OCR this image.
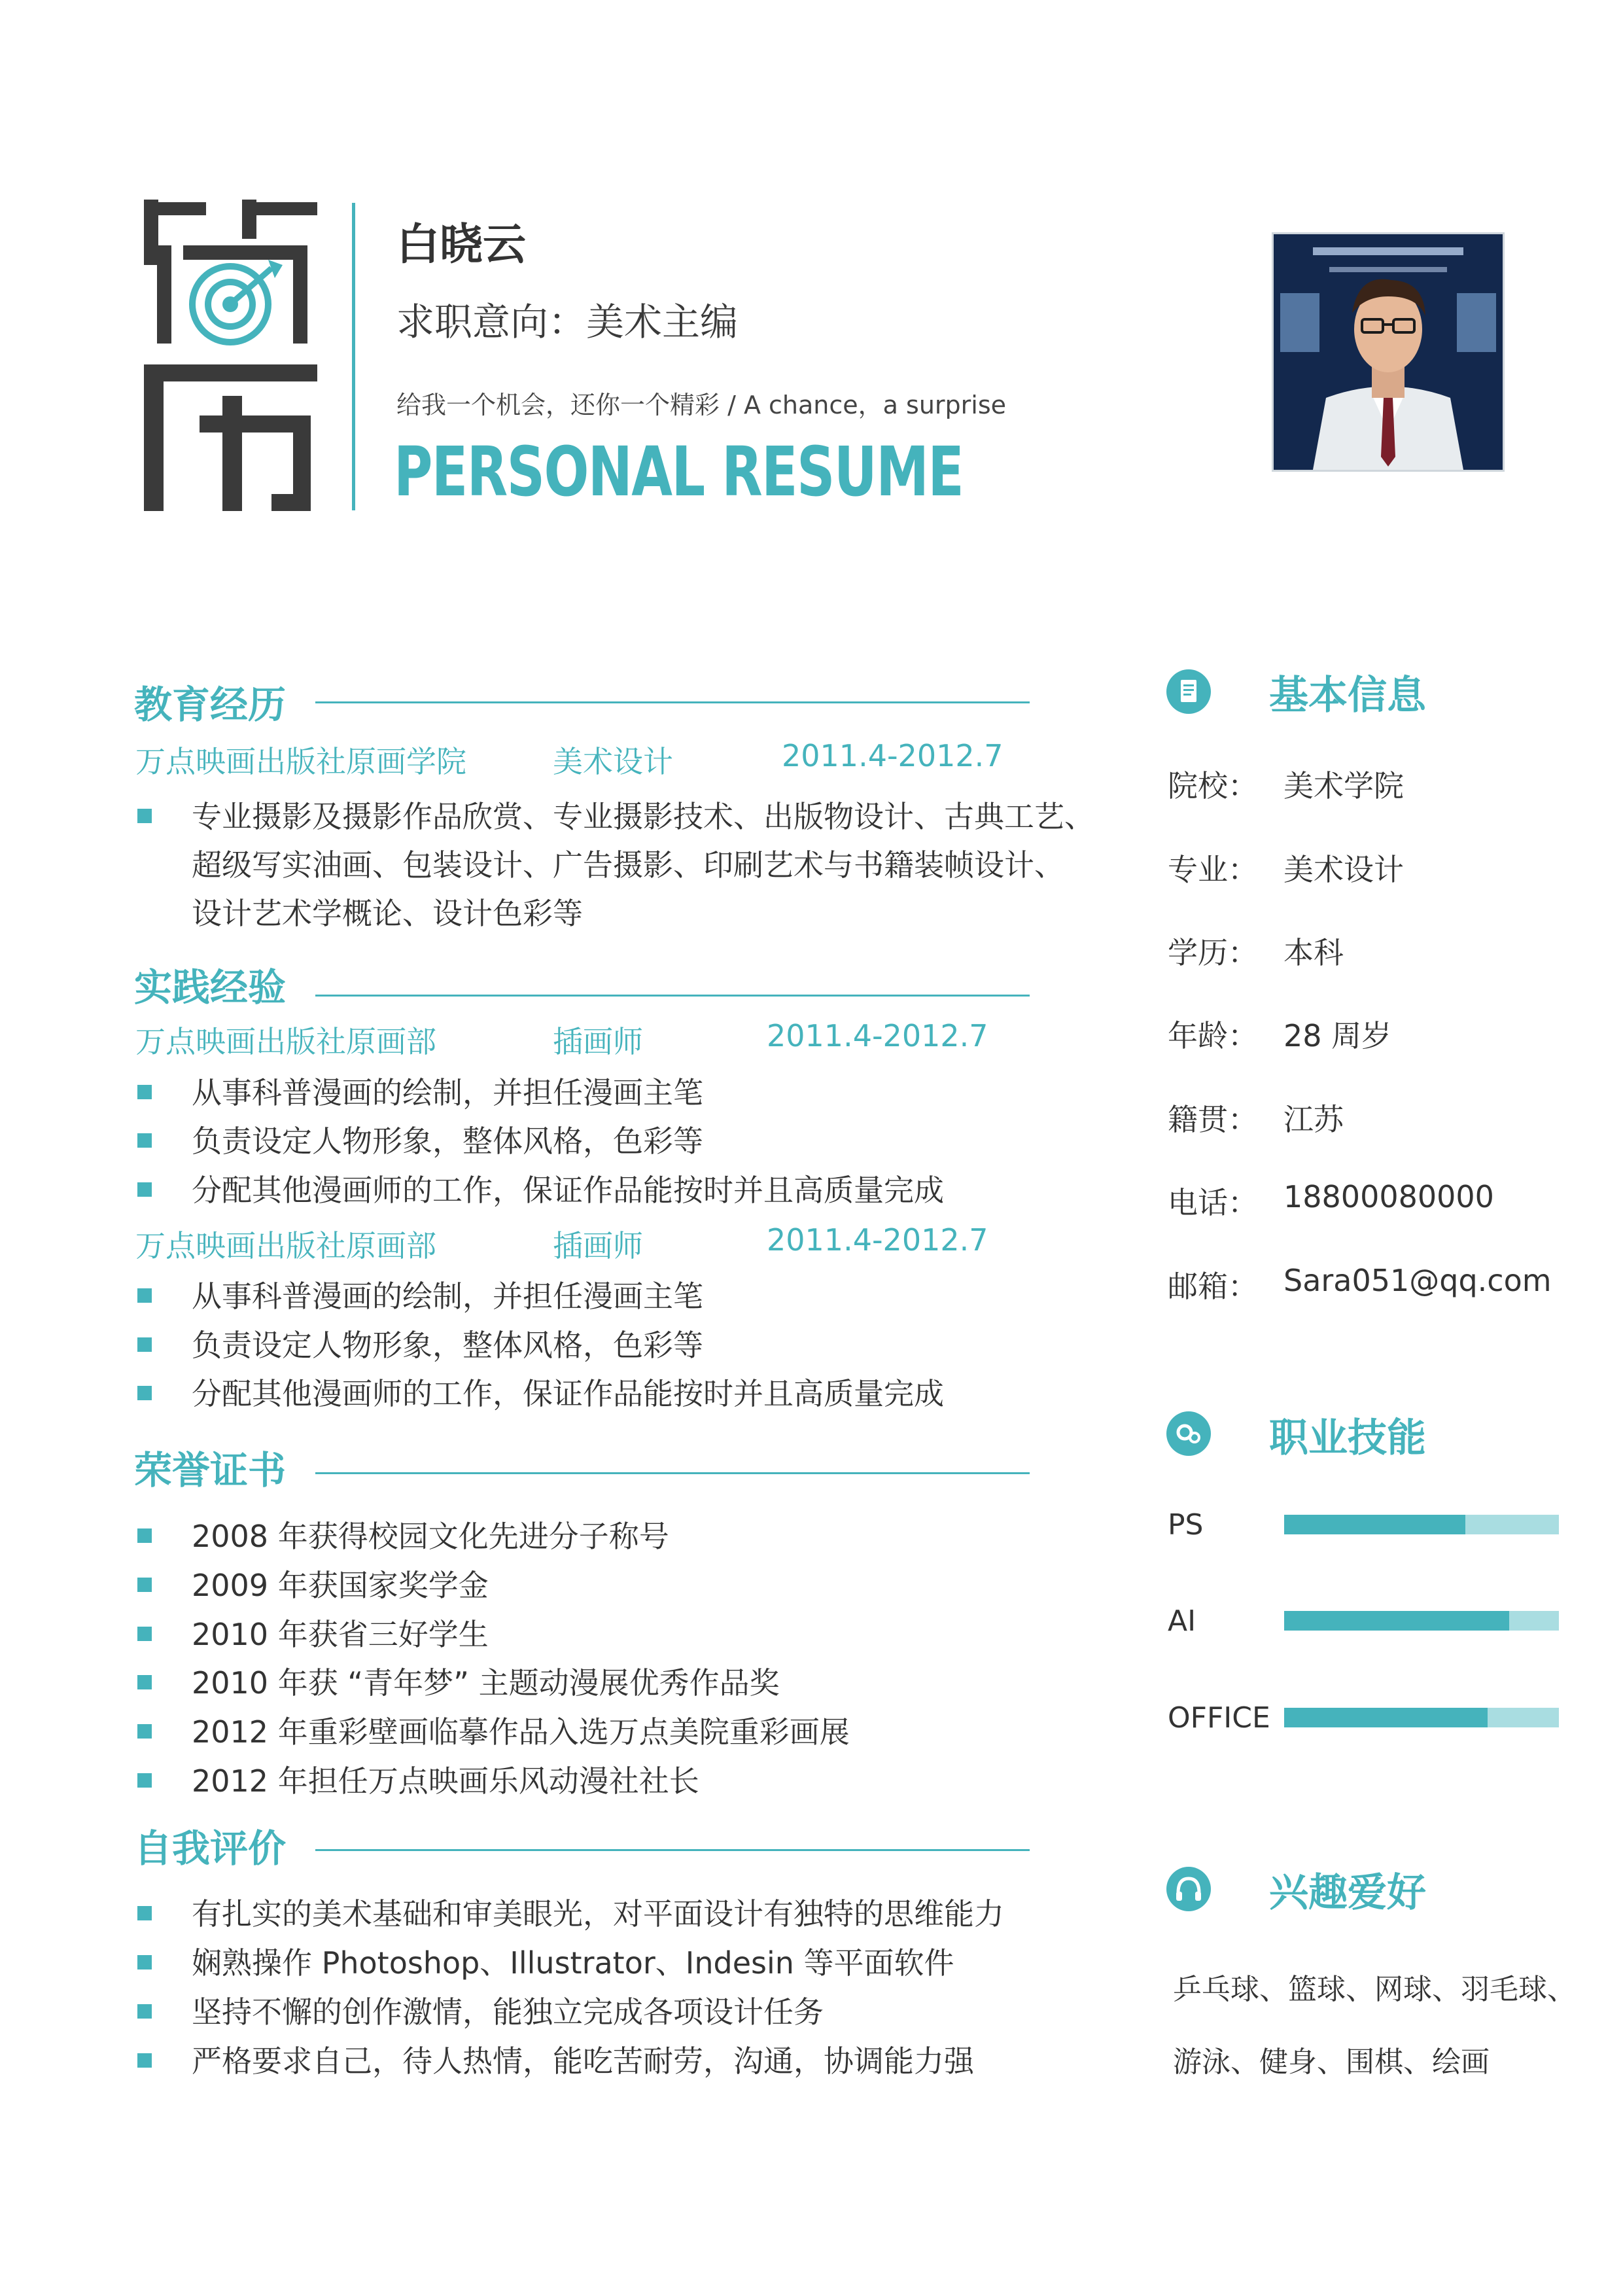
白晓云
求职意向：美术主编
给我一个机会，还你一个精彩 / A chance，a surprise
PERSONAL RESUME
教育经历
万点映画出版社原画学院	美术设计	2011.4-2012.7
专业摄影及摄影作品欣赏、专业摄影技术、出版物设计、古典工艺、
超级写实油画、包装设计、广告摄影、印刷艺术与书籍装帧设计、
设计艺术学概论、设计色彩等
实践经验
万点映画出版社原画部	插画师	2011.4-2012.7
从事科普漫画的绘制，并担任漫画主笔
负责设定人物形象，整体风格，色彩等
分配其他漫画师的工作，保证作品能按时并且高质量完成
万点映画出版社原画部	插画师	2011.4-2012.7
从事科普漫画的绘制，并担任漫画主笔
负责设定人物形象，整体风格，色彩等
分配其他漫画师的工作，保证作品能按时并且高质量完成
荣誉证书
2008 年获得校园文化先进分子称号
2009 年获国家奖学金
2010 年获省三好学生
2010 年获 “青年梦” 主题动漫展优秀作品奖
2012 年重彩壁画临摹作品入选万点美院重彩画展
2012 年担任万点映画乐风动漫社社长
自我评价
有扎实的美术基础和审美眼光，对平面设计有独特的思维能力
娴熟操作 Photoshop、Illustrator、Indesin 等平面软件
坚持不懈的创作激情，能独立完成各项设计任务
严格要求自己，待人热情，能吃苦耐劳，沟通，协调能力强
基本信息
院校： 美术学院
专业： 美术设计
学历： 本科
年龄： 28 周岁
籍贯： 江苏
电话： 18800080000
邮箱： Sara051@qq.com
职业技能
PS
AI
OFFICE
兴趣爱好
乒乓球、篮球、网球、羽毛球、
游泳、健身、围棋、绘画
